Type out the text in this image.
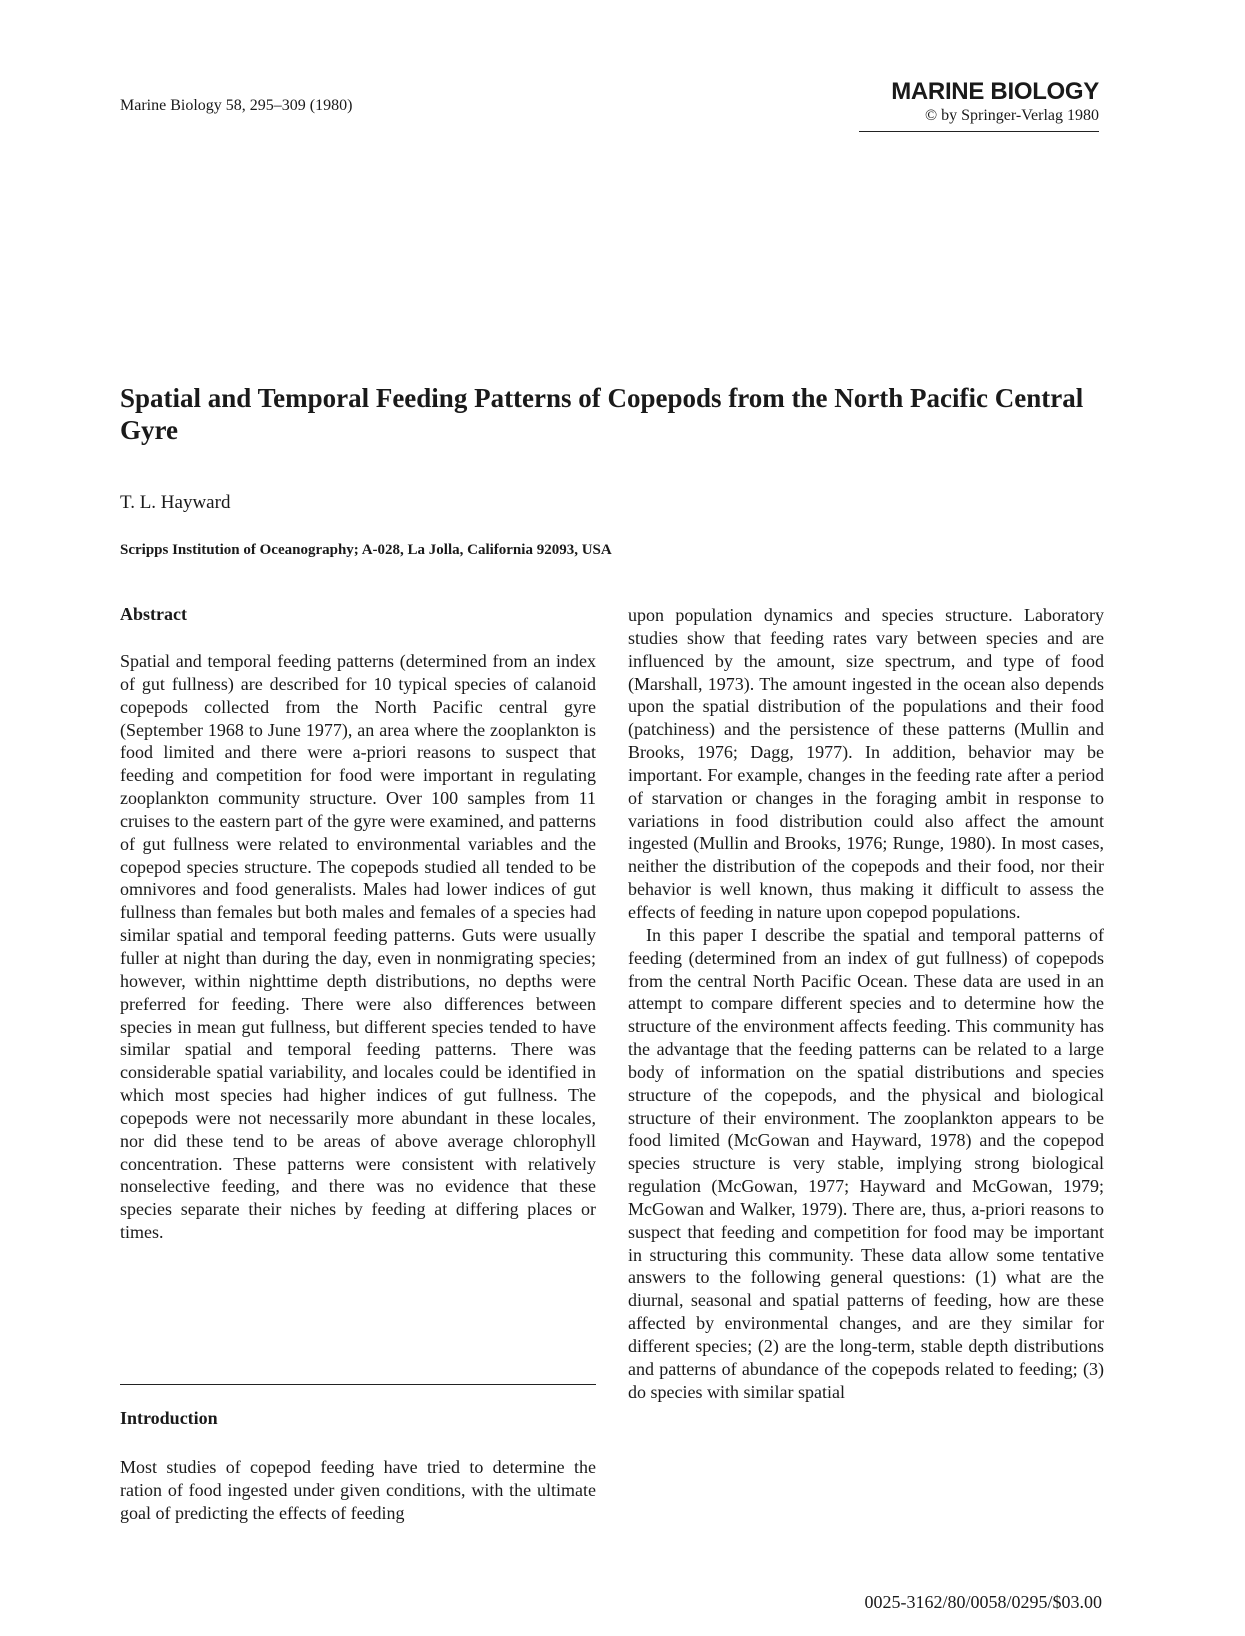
Marine Biology 58, 295–309 (1980)
MARINE BIOLOGY
© by Springer-Verlag 1980
Spatial and Temporal Feeding Patterns of Copepods from the North Pacific Central Gyre
T. L. Hayward
Scripps Institution of Oceanography; A-028, La Jolla, California 92093, USA
Abstract

Spatial and temporal feeding patterns (determined from an index of gut fullness) are described for 10 typical species of calanoid copepods collected from the North Pacific central gyre (September 1968 to June 1977), an area where the zooplankton is food limited and there were a-priori reasons to suspect that feeding and competition for food were important in regulating zooplankton community structure. Over 100 samples from 11 cruises to the eastern part of the gyre were examined, and patterns of gut fullness were related to environmental variables and the copepod species structure. The copepods studied all tended to be omnivores and food generalists. Males had lower indices of gut fullness than females but both males and females of a species had similar spatial and temporal feeding patterns. Guts were usually fuller at night than during the day, even in nonmigrating species; however, within nighttime depth distributions, no depths were preferred for feeding. There were also differences between species in mean gut fullness, but different species tended to have similar spatial and temporal feeding patterns. There was considerable spatial variability, and locales could be identified in which most species had higher indices of gut fullness. The copepods were not necessarily more abundant in these locales, nor did these tend to be areas of above average chlorophyll concentration. These patterns were consistent with relatively nonselective feeding, and there was no evidence that these species separate their niches by feeding at differing places or times.

Introduction

Most studies of copepod feeding have tried to determine the ration of food ingested under given conditions, with the ultimate goal of predicting the effects of feeding

upon population dynamics and species structure. Laboratory studies show that feeding rates vary between species and are influenced by the amount, size spectrum, and type of food (Marshall, 1973). The amount ingested in the ocean also depends upon the spatial distribution of the populations and their food (patchiness) and the persistence of these patterns (Mullin and Brooks, 1976; Dagg, 1977). In addition, behavior may be important. For example, changes in the feeding rate after a period of starvation or changes in the foraging ambit in response to variations in food distribution could also affect the amount ingested (Mullin and Brooks, 1976; Runge, 1980). In most cases, neither the distribution of the copepods and their food, nor their behavior is well known, thus making it difficult to assess the effects of feeding in nature upon copepod populations.

In this paper I describe the spatial and temporal patterns of feeding (determined from an index of gut fullness) of copepods from the central North Pacific Ocean. These data are used in an attempt to compare different species and to determine how the structure of the environment affects feeding. This community has the advantage that the feeding patterns can be related to a large body of information on the spatial distributions and species structure of the copepods, and the physical and biological structure of their environment. The zooplankton appears to be food limited (McGowan and Hayward, 1978) and the copepod species structure is very stable, implying strong biological regulation (McGowan, 1977; Hayward and McGowan, 1979; McGowan and Walker, 1979). There are, thus, a-priori reasons to suspect that feeding and competition for food may be important in structuring this community. These data allow some tentative answers to the following general questions: (1) what are the diurnal, seasonal and spatial patterns of feeding, how are these affected by environmental changes, and are they similar for different species; (2) are the long-term, stable depth distributions and patterns of abundance of the copepods related to feeding; (3) do species with similar spatial

0025-3162/80/0058/0295/$03.00
